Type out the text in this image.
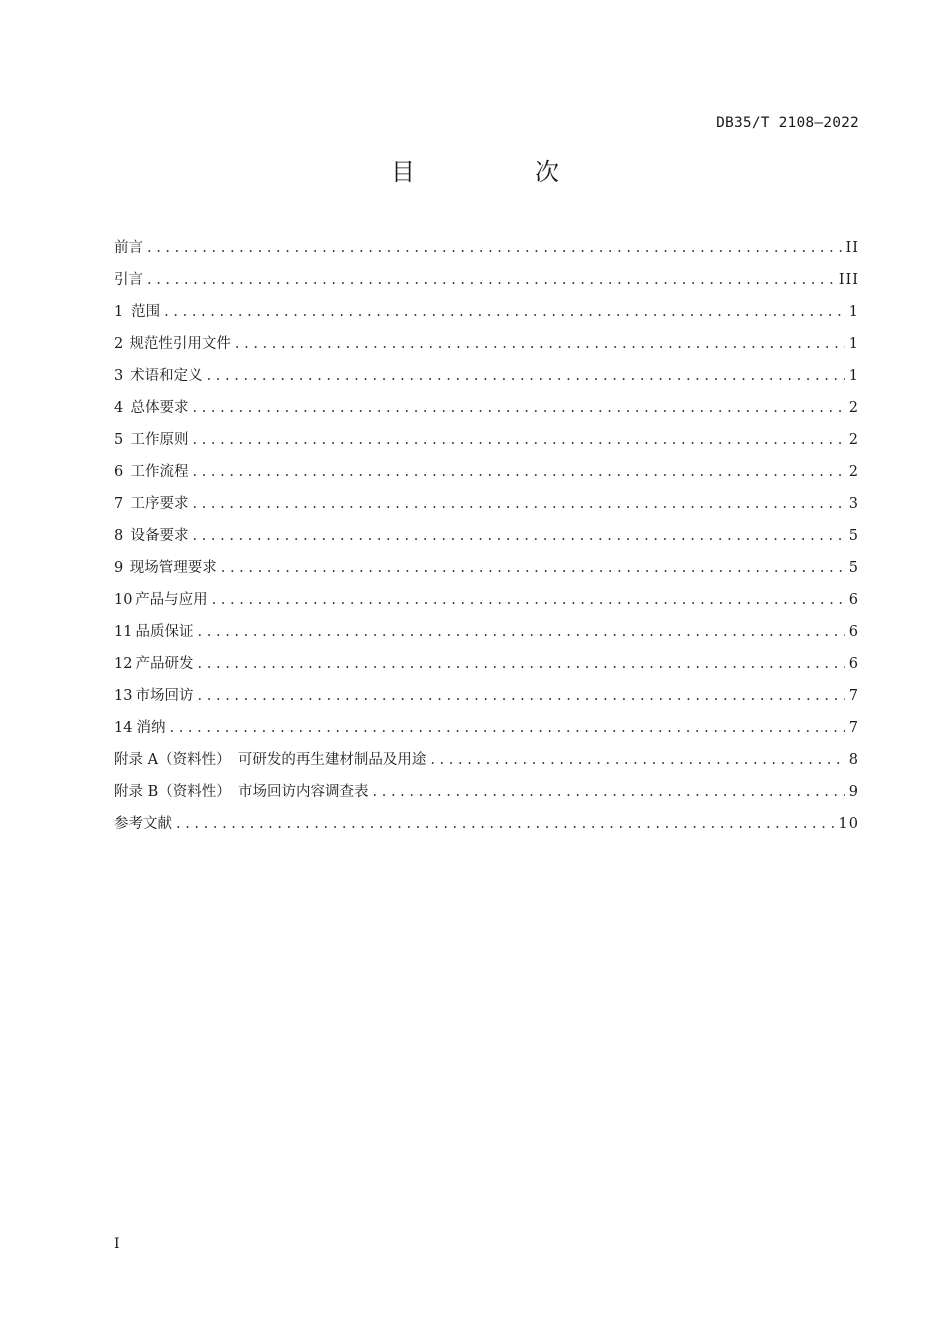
DB35/T 2108—2022
目　次
前言 . . .	II
引言 . . .	III
1 范围 . . .	1
2 规范性引用文件 . . .	1
3 术语和定义 . . .	1
4 总体要求 . . .	2
5 工作原则 . . .	2
6 工作流程 . . .	2
7 工序要求 . . .	3
8 设备要求 . . .	5
9 现场管理要求 . . .	5
10 产品与应用 . . .	6
11 品质保证 . . .	6
12 产品研发 . . .	6
13 市场回访 . . .	7
14 消纳 . . .	7
附录 A（资料性）　可研发的再生建材制品及用途 . . .	8
附录 B（资料性）　市场回访内容调查表 . . .	9
参考文献 . . .	10
I
